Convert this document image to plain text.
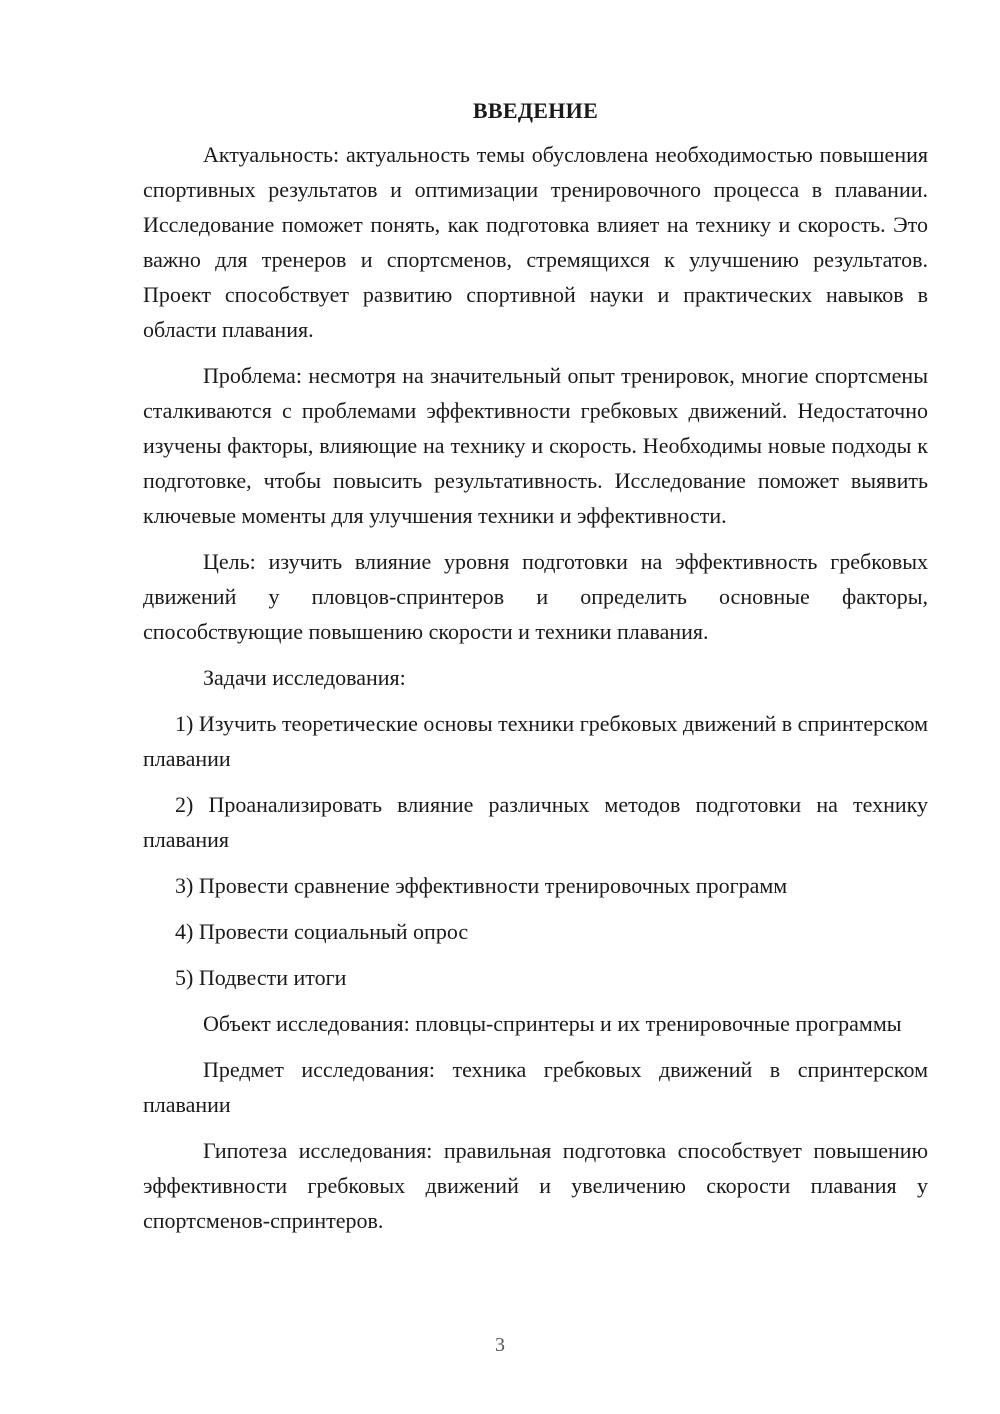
ВВЕДЕНИЕ

Актуальность: актуальность темы обусловлена необходимостью повышения спортивных результатов и оптимизации тренировочного процесса в плавании. Исследование поможет понять, как подготовка влияет на технику и скорость. Это важно для тренеров и спортсменов, стремящихся к улучшению результатов. Проект способствует развитию спортивной науки и практических навыков в области плавания.

Проблема: несмотря на значительный опыт тренировок, многие спортсмены сталкиваются с проблемами эффективности гребковых движений. Недостаточно изучены факторы, влияющие на технику и скорость. Необходимы новые подходы к подготовке, чтобы повысить результативность. Исследование поможет выявить ключевые моменты для улучшения техники и эффективности.

Цель: изучить влияние уровня подготовки на эффективность гребковых движений у пловцов-спринтеров и определить основные факторы, способствующие повышению скорости и техники плавания.

Задачи исследования:

1) Изучить теоретические основы техники гребковых движений в спринтерском плавании

2) Проанализировать влияние различных методов подготовки на технику плавания

3) Провести сравнение эффективности тренировочных программ

4) Провести социальный опрос

5) Подвести итоги

Объект исследования: пловцы-спринтеры и их тренировочные программы

Предмет исследования: техника гребковых движений в спринтерском плавании

Гипотеза исследования: правильная подготовка способствует повышению эффективности гребковых движений и увеличению скорости плавания у спортсменов-спринтеров.

3
